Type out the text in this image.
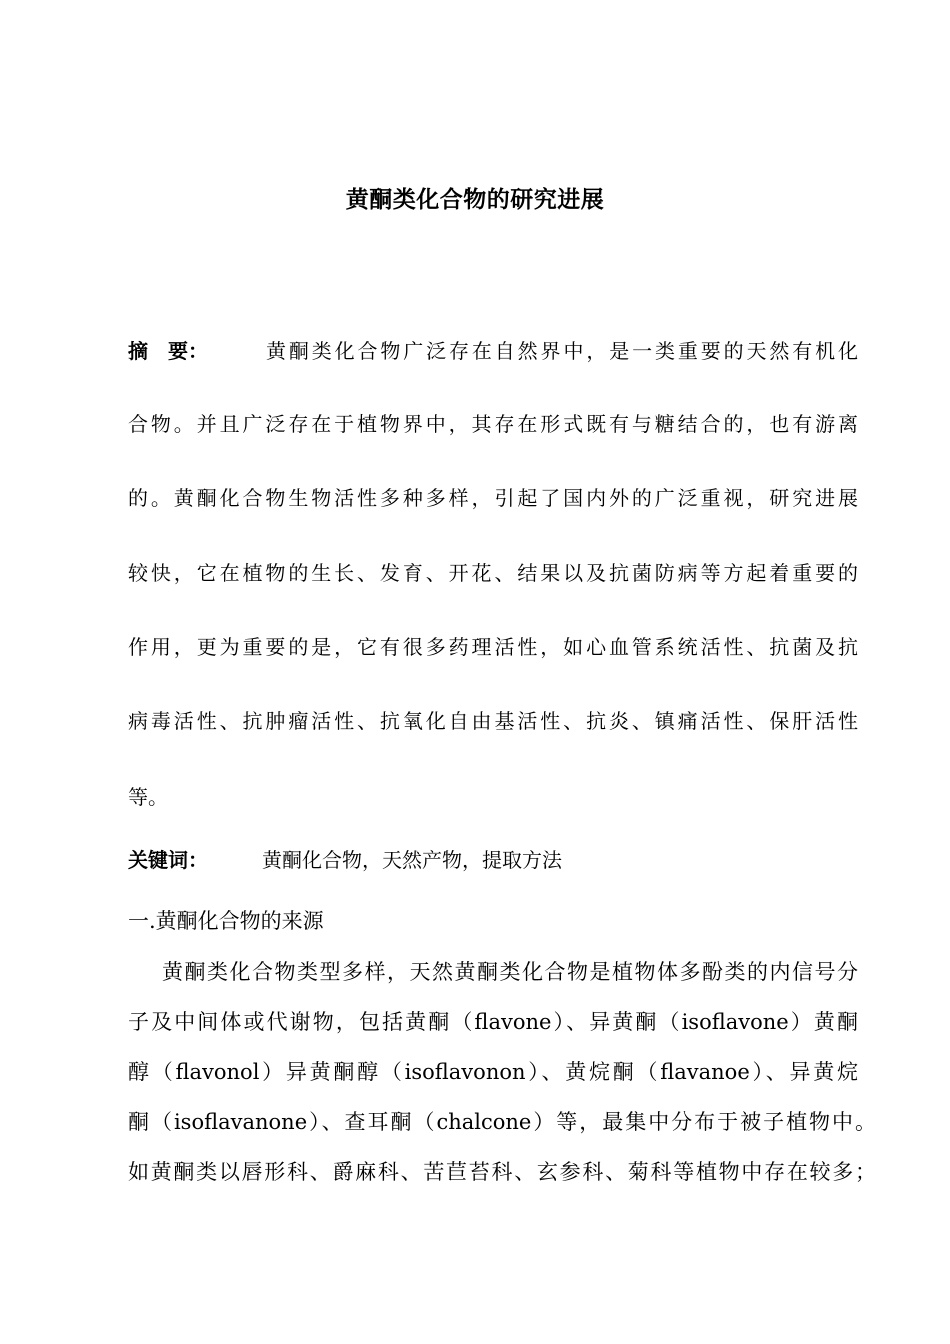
黄酮类化合物的研究进展
摘　要：	黄酮类化合物广泛存在自然界中，是一类重要的天然有机化
合物。并且广泛存在于植物界中，其存在形式既有与糖结合的，也有游离
的。黄酮化合物生物活性多种多样，引起了国内外的广泛重视，研究进展
较快，它在植物的生长、发育、开花、结果以及抗菌防病等方起着重要的
作用，更为重要的是，它有很多药理活性，如心血管系统活性、抗菌及抗
病毒活性、抗肿瘤活性、抗氧化自由基活性、抗炎、镇痛活性、保肝活性
等。
关键词：	黄酮化合物，天然产物，提取方法
一.黄酮化合物的来源
黄酮类化合物类型多样，天然黄酮类化合物是植物体多酚类的内信号分
子及中间体或代谢物，包括黄酮（flavone）、异黄酮（isoflavone）黄酮
醇（flavonol）异黄酮醇（isoflavonon）、黄烷酮（flavanoe）、异黄烷
酮（isoflavanone）、查耳酮（chalcone）等，最集中分布于被子植物中。
如黄酮类以唇形科、爵麻科、苦苣苔科、玄参科、菊科等植物中存在较多；
